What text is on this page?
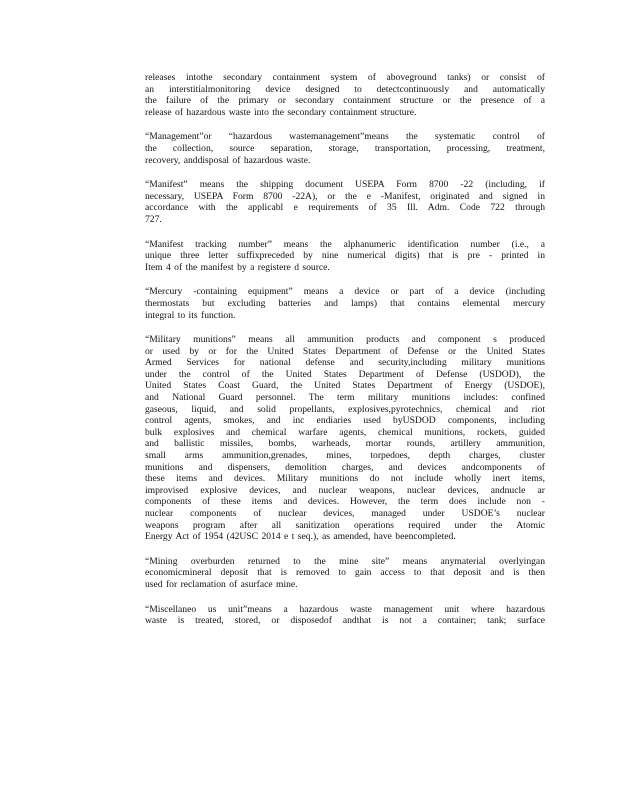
releases intothe secondary containment system of aboveground tanks) or consist of
an interstitialmonitoring device designed to detectcontinuously and automatically
the failure of the primary or secondary containment structure or the presence of a
release of hazardous waste into the secondary containment structure.
“Management”or “hazardous wastemanagement”means the systematic control of
the collection, source separation, storage, transportation, processing, treatment,
recovery, anddisposal of hazardous waste.
“Manifest” means the shipping document USEPA Form 8700 -22 (including, if
necessary, USEPA Form 8700 -22A), or the e -Manifest, originated and signed in
accordance with the applicabl e requirements of 35 Ill. Adm. Code 722 through
727.
“Manifest tracking number” means the alphanumeric identification number (i.e., a
unique three letter suffixpreceded by nine numerical digits) that is pre - printed in
Item 4 of the manifest by a registere d source.
“Mercury -containing equipment” means a device or part of a device (including
thermostats but excluding batteries and lamps) that contains elemental mercury
integral to its function.
“Military munitions” means all ammunition products and component s produced
or used by or for the United States Department of Defense or the United States
Armed Services for national defense and security,including military munitions
under the control of the United States Department of Defense (USDOD), the
United States Coast Guard, the United States Department of Energy (USDOE),
and National Guard personnel. The term military munitions includes: confined
gaseous, liquid, and solid propellants, explosives,pyrotechnics, chemical and riot
control agents, smokes, and inc endiaries used byUSDOD components, including
bulk explosives and chemical warfare agents, chemical munitions, rockets, guided
and ballistic missiles, bombs, warheads, mortar rounds, artillery ammunition,
small arms ammunition,grenades, mines, torpedoes, depth charges, cluster
munitions and dispensers, demolition charges, and devices andcomponents of
these items and devices. Military munitions do not include wholly inert items,
improvised explosive devices, and nuclear weapons, nuclear devices, andnucle ar
components of these items and devices. However, the term does include non -
nuclear components of nuclear devices, managed under USDOE’s nuclear
weapons program after all sanitization operations required under the Atomic
Energy Act of 1954 (42USC 2014 e t seq.), as amended, have beencompleted.
“Mining overburden returned to the mine site” means anymaterial overlyingan
economicmineral deposit that is removed to gain access to that deposit and is then
used for reclamation of asurface mine.
“Miscellaneo us unit”means a hazardous waste management unit where hazardous
waste is treated, stored, or disposedof andthat is not a container; tank; surface
